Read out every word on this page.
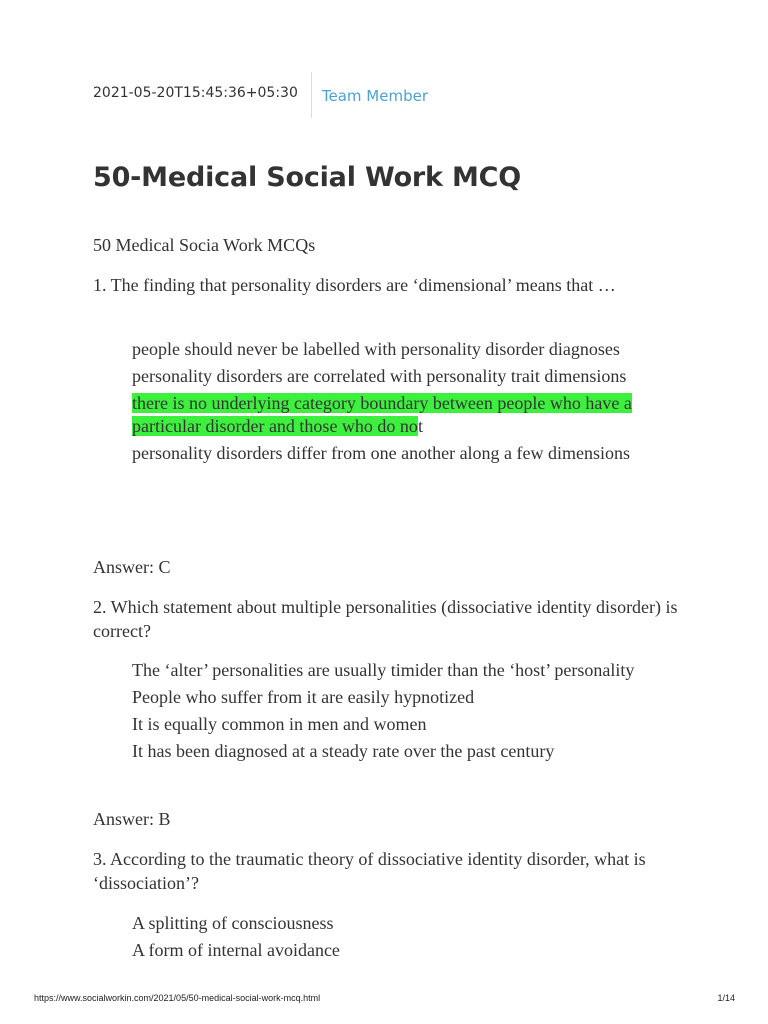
2021-05-20T15:45:36+05:30 Team Member
50-Medical Social Work MCQ

50 Medical Socia Work MCQs

1. The finding that personality disorders are ‘dimensional’ means that …

people should never be labelled with personality disorder diagnoses
personality disorders are correlated with personality trait dimensions
there is no underlying category boundary between people who have a particular disorder and those who do not
personality disorders differ from one another along a few dimensions

Answer: C

2. Which statement about multiple personalities (dissociative identity disorder) is correct?

The ‘alter’ personalities are usually timider than the ‘host’ personality
People who suffer from it are easily hypnotized
It is equally common in men and women
It has been diagnosed at a steady rate over the past century

Answer: B

3. According to the traumatic theory of dissociative identity disorder, what is ‘dissociation’?

A splitting of consciousness
A form of internal avoidance
https://www.socialworkin.com/2021/05/50-medical-social-work-mcq.html	1/14
